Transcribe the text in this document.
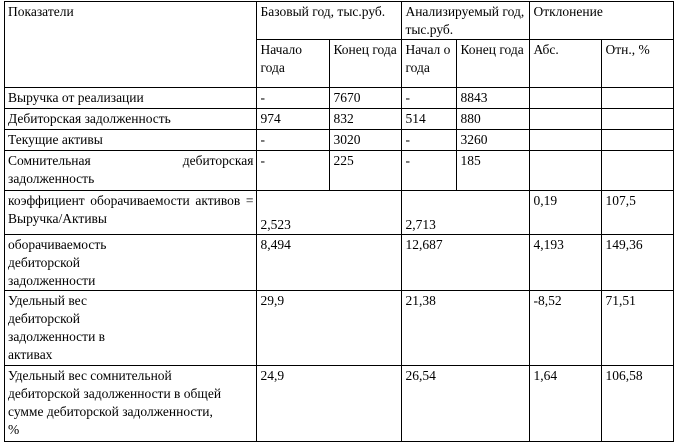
Показатели	Базовый год, тыс.руб.		Анализируемый год, тыс.руб.		Отклонение	
	Начало года	Конец года	Начал о года	Конец года	Абс.	Отн., %
Выручка от реализации	-	7670	-	8843		
Дебиторская задолженность	974	832	514	880		
Текущие активы	-	3020	-	3260		
Сомнительная дебиторская задолженность	-	225	-	185		
коэффициент оборачиваемости активов = Выручка/Активы	2,523		2,713		0,19	107,5
оборачиваемость дебиторской задолженности	8,494		12,687		4,193	149,36
Удельный вес дебиторской задолженности в активах	29,9		21,38		-8,52	71,51
Удельный вес сомнительной дебиторской задолженности в общей сумме дебиторской задолженности, %	24,9		26,54		1,64	106,58
